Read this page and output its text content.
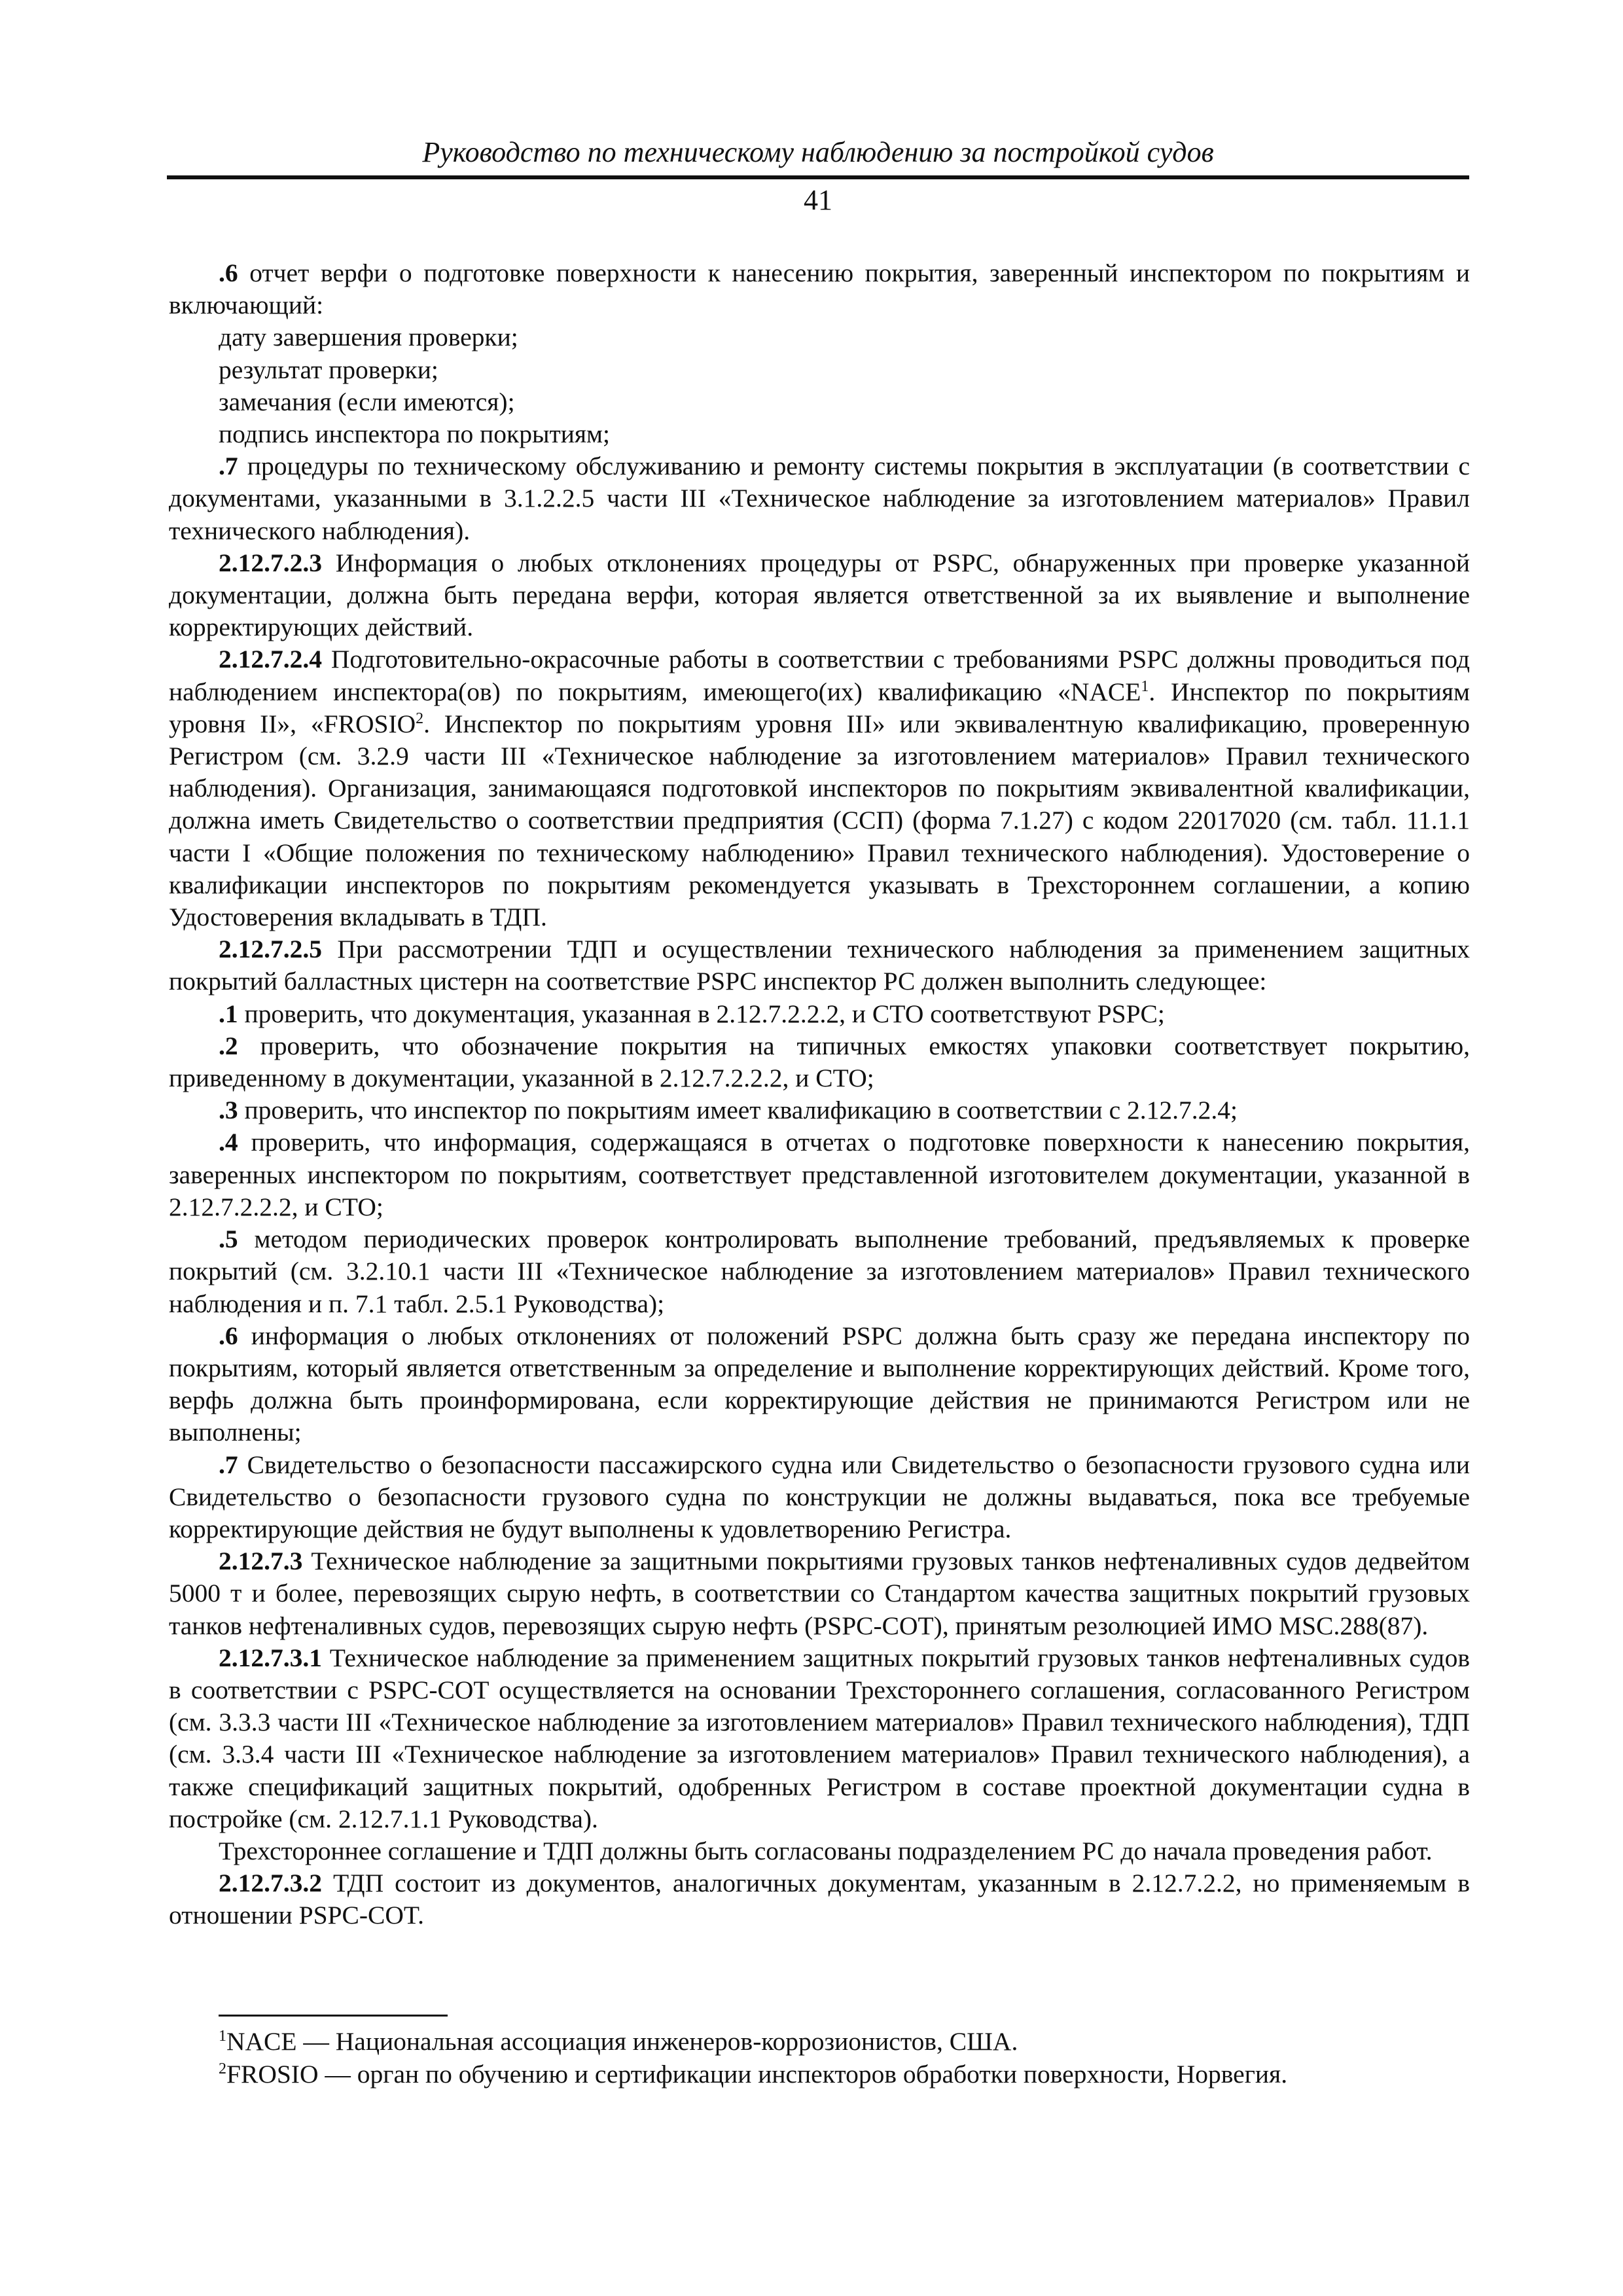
Руководство по техническому наблюдению за постройкой судов
41

.6 отчет верфи о подготовке поверхности к нанесению покрытия, заверенный инспектором по покрытиям и включающий:

дату завершения проверки;

результат проверки;

замечания (если имеются);

подпись инспектора по покрытиям;

.7 процедуры по техническому обслуживанию и ремонту системы покрытия в эксплуатации (в соответствии с документами, указанными в 3.1.2.2.5 части III «Техническое наблюдение за изготовлением материалов» Правил технического наблюдения).

2.12.7.2.3 Информация о любых отклонениях процедуры от PSPC, обнаруженных при проверке указанной документации, должна быть передана верфи, которая является ответственной за их выявление и выполнение корректирующих действий.

2.12.7.2.4 Подготовительно-окрасочные работы в соответствии с требованиями PSPC должны проводиться под наблюдением инспектора(ов) по покрытиям, имеющего(их) квалификацию «NACE$^1$. Инспектор по покрытиям уровня II», «FROSIO$^2$. Инспектор по покрытиям уровня III» или эквивалентную квалификацию, проверенную Регистром (см. 3.2.9 части III «Техническое наблюдение за изготовлением материалов» Правил технического наблюдения). Организация, занимающаяся подготовкой инспекторов по покрытиям эквивалентной квалификации, должна иметь Свидетельство о соответствии предприятия (ССП) (форма 7.1.27) с кодом 22017020 (см. табл. 11.1.1 части I «Общие положения по техническому наблюдению» Правил технического наблюдения). Удостоверение о квалификации инспекторов по покрытиям рекомендуется указывать в Трехстороннем соглашении, а копию Удостоверения вкладывать в ТДП.

2.12.7.2.5 При рассмотрении ТДП и осуществлении технического наблюдения за применением защитных покрытий балластных цистерн на соответствие PSPC инспектор РС должен выполнить следующее:

.1 проверить, что документация, указанная в 2.12.7.2.2.2, и СТО соответствуют PSPC;

.2 проверить, что обозначение покрытия на типичных емкостях упаковки соответствует покрытию, приведенному в документации, указанной в 2.12.7.2.2.2, и СТО;

.3 проверить, что инспектор по покрытиям имеет квалификацию в соответствии с 2.12.7.2.4;

.4 проверить, что информация, содержащаяся в отчетах о подготовке поверхности к нанесению покрытия, заверенных инспектором по покрытиям, соответствует представленной изготовителем документации, указанной в 2.12.7.2.2.2, и СТО;

.5 методом периодических проверок контролировать выполнение требований, предъявляемых к проверке покрытий (см. 3.2.10.1 части III «Техническое наблюдение за изготовлением материалов» Правил технического наблюдения и п. 7.1 табл. 2.5.1 Руководства);

.6 информация о любых отклонениях от положений PSPC должна быть сразу же передана инспектору по покрытиям, который является ответственным за определение и выполнение корректирующих действий. Кроме того, верфь должна быть проинформирована, если корректирующие действия не принимаются Регистром или не выполнены;

.7 Свидетельство о безопасности пассажирского судна или Свидетельство о безопасности грузового судна или Свидетельство о безопасности грузового судна по конструкции не должны выдаваться, пока все требуемые корректирующие действия не будут выполнены к удовлетворению Регистра.

2.12.7.3 Техническое наблюдение за защитными покрытиями грузовых танков нефтеналивных судов дедвейтом 5000 т и более, перевозящих сырую нефть, в соответствии со Стандартом качества защитных покрытий грузовых танков нефтеналивных судов, перевозящих сырую нефть (PSPC-COT), принятым резолюцией ИМО MSC.288(87).

2.12.7.3.1 Техническое наблюдение за применением защитных покрытий грузовых танков нефтеналивных судов в соответствии с PSPC-COT осуществляется на основании Трехстороннего соглашения, согласованного Регистром (см. 3.3.3 части III «Техническое наблюдение за изготовлением материалов» Правил технического наблюдения), ТДП (см. 3.3.4 части III «Техническое наблюдение за изготовлением материалов» Правил технического наблюдения), а также спецификаций защитных покрытий, одобренных Регистром в составе проектной документации судна в постройке (см. 2.12.7.1.1 Руководства).

Трехстороннее соглашение и ТДП должны быть согласованы подразделением РС до начала проведения работ.

2.12.7.3.2 ТДП состоит из документов, аналогичных документам, указанным в 2.12.7.2.2, но применяемым в отношении PSPC-COT.

$^1$NACE — Национальная ассоциация инженеров-коррозионистов, США.

$^2$FROSIO — орган по обучению и сертификации инспекторов обработки поверхности, Норвегия.
